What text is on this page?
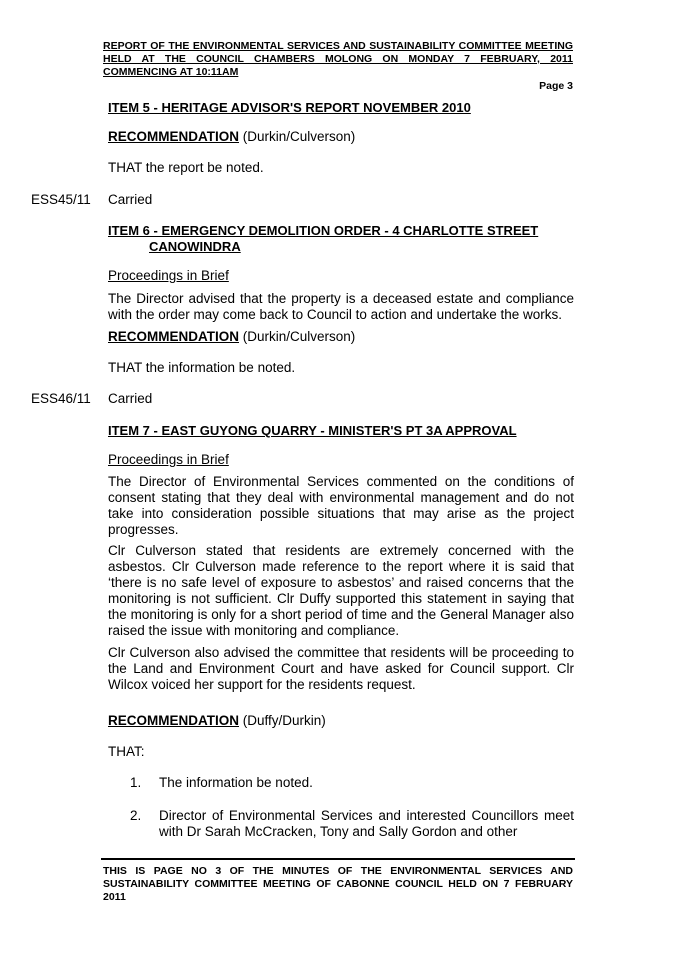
REPORT OF THE ENVIRONMENTAL SERVICES AND SUSTAINABILITY COMMITTEE MEETING HELD AT THE COUNCIL CHAMBERS MOLONG ON MONDAY 7 FEBRUARY, 2011 COMMENCING AT 10:11AM
Page 3
ITEM 5 - HERITAGE ADVISOR'S REPORT NOVEMBER 2010
RECOMMENDATION (Durkin/Culverson)
THAT the report be noted.
ESS45/11 Carried
ITEM 6 - EMERGENCY DEMOLITION ORDER - 4 CHARLOTTE STREET
CANOWINDRA
Proceedings in Brief
The Director advised that the property is a deceased estate and compliance with the order may come back to Council to action and undertake the works.
RECOMMENDATION (Durkin/Culverson)
THAT the information be noted.
ESS46/11 Carried
ITEM 7 - EAST GUYONG QUARRY - MINISTER'S PT 3A APPROVAL
Proceedings in Brief
The Director of Environmental Services commented on the conditions of consent stating that they deal with environmental management and do not take into consideration possible situations that may arise as the project progresses.
Clr Culverson stated that residents are extremely concerned with the asbestos. Clr Culverson made reference to the report where it is said that ‘there is no safe level of exposure to asbestos’ and raised concerns that the monitoring is not sufficient. Clr Duffy supported this statement in saying that the monitoring is only for a short period of time and the General Manager also raised the issue with monitoring and compliance.
Clr Culverson also advised the committee that residents will be proceeding to the Land and Environment Court and have asked for Council support. Clr Wilcox voiced her support for the residents request.
RECOMMENDATION (Duffy/Durkin)
THAT:
1. The information be noted.
2. Director of Environmental Services and interested Councillors meet with Dr Sarah McCracken, Tony and Sally Gordon and other
THIS IS PAGE NO 3 OF THE MINUTES OF THE ENVIRONMENTAL SERVICES AND SUSTAINABILITY COMMITTEE MEETING OF CABONNE COUNCIL HELD ON 7 FEBRUARY 2011
